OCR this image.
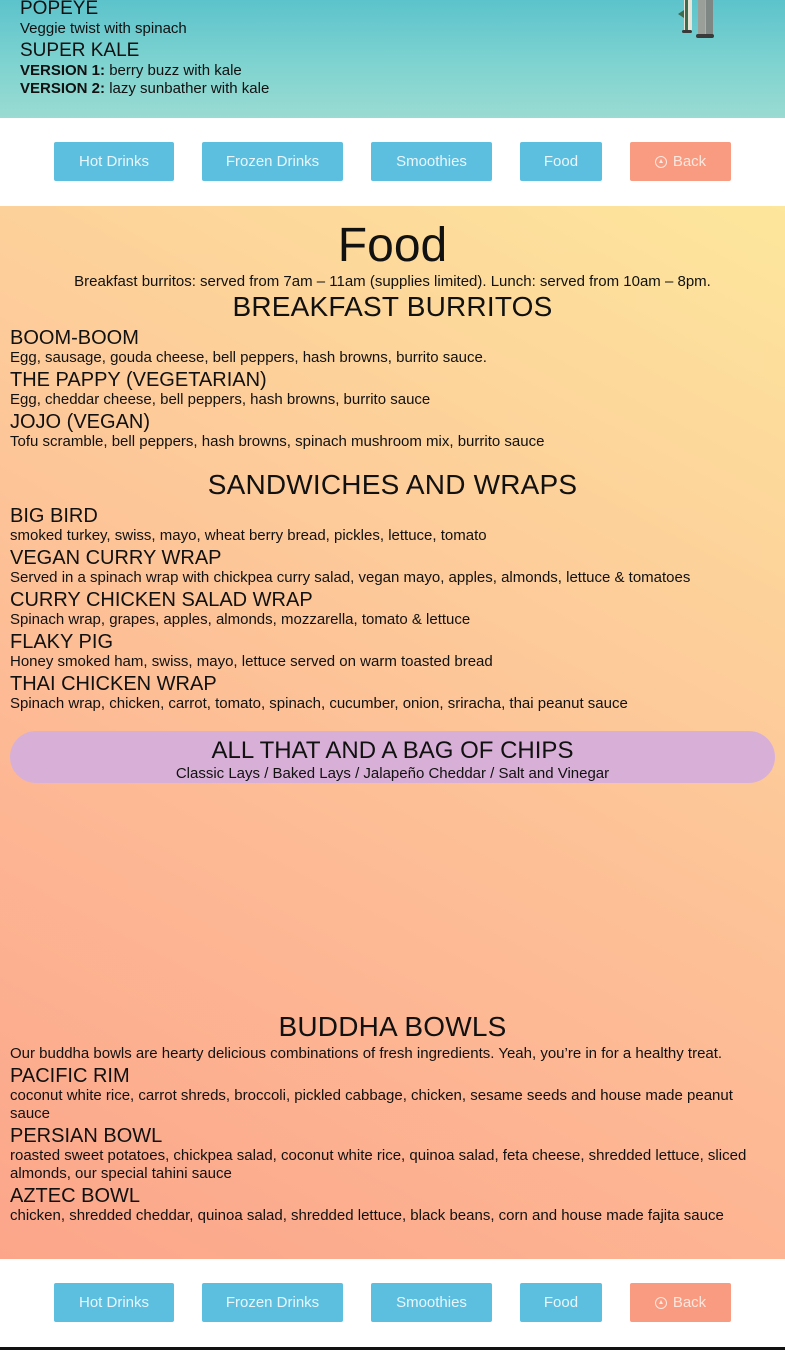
POPEYE
Veggie twist with spinach
SUPER KALE
VERSION 1: berry buzz with kale
VERSION 2: lazy sunbather with kale
Hot Drinks	Frozen Drinks	Smoothies	Food	Back
Food
Breakfast burritos: served from 7am – 11am (supplies limited). Lunch: served from 10am – 8pm.
BREAKFAST BURRITOS
BOOM-BOOM
Egg, sausage, gouda cheese, bell peppers, hash browns, burrito sauce.
THE PAPPY (VEGETARIAN)
Egg, cheddar cheese, bell peppers, hash browns, burrito sauce
JOJO (VEGAN)
Tofu scramble, bell peppers, hash browns, spinach mushroom mix, burrito sauce
SANDWICHES AND WRAPS
BIG BIRD
smoked turkey, swiss, mayo, wheat berry bread, pickles, lettuce, tomato
VEGAN CURRY WRAP
Served in a spinach wrap with chickpea curry salad, vegan mayo, apples, almonds, lettuce & tomatoes
CURRY CHICKEN SALAD WRAP
Spinach wrap, grapes, apples, almonds, mozzarella, tomato & lettuce
FLAKY PIG
Honey smoked ham, swiss, mayo, lettuce served on warm toasted bread
THAI CHICKEN WRAP
Spinach wrap, chicken, carrot, tomato, spinach, cucumber, onion, sriracha, thai peanut sauce
ALL THAT AND A BAG OF CHIPS
Classic Lays / Baked Lays / Jalapeño Cheddar / Salt and Vinegar
BUDDHA BOWLS
Our buddha bowls are hearty delicious combinations of fresh ingredients. Yeah, you’re in for a healthy treat.
PACIFIC RIM
coconut white rice, carrot shreds, broccoli, pickled cabbage, chicken, sesame seeds and house made peanut sauce
PERSIAN BOWL
roasted sweet potatoes, chickpea salad, coconut white rice, quinoa salad, feta cheese, shredded lettuce, sliced almonds, our special tahini sauce
AZTEC BOWL
chicken, shredded cheddar, quinoa salad, shredded lettuce, black beans, corn and house made fajita sauce
Hot Drinks	Frozen Drinks	Smoothies	Food	Back
